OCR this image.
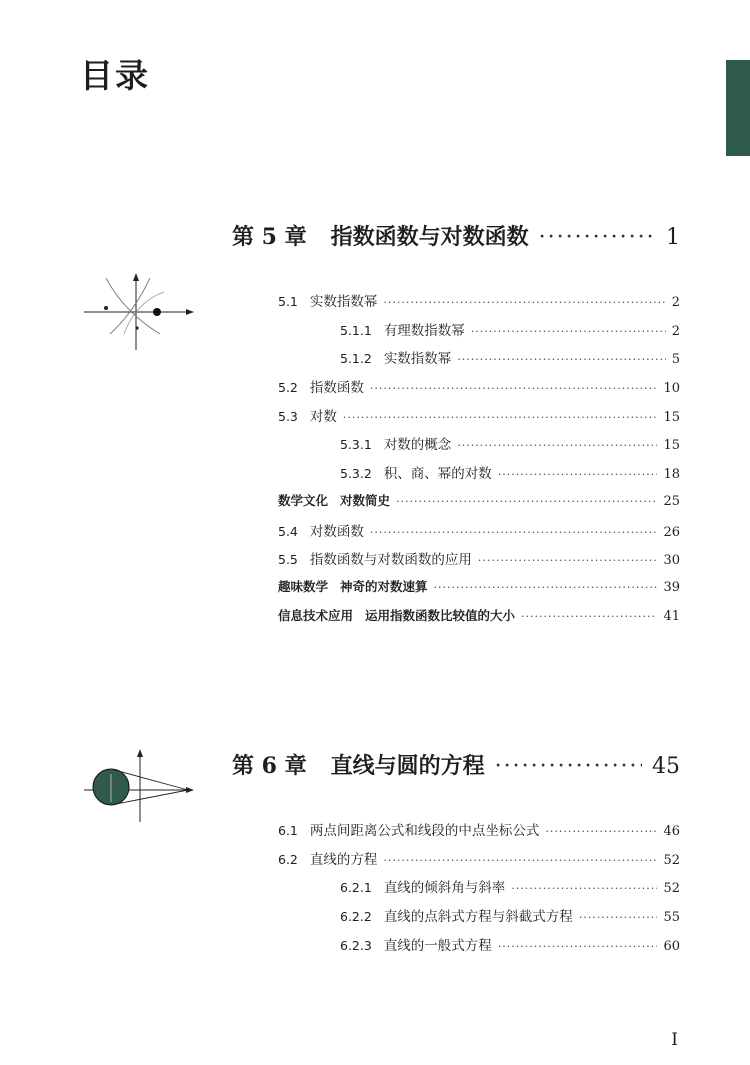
目录
第 5 章 指数函数与对数函数 ·····	1
5.1 实数指数幂 ·····	2
5.1.1 有理数指数幂 ·····	2
5.1.2 实数指数幂 ·····	5
5.2 指数函数 ·····	10
5.3 对数 ·····	15
5.3.1 对数的概念 ·····	15
5.3.2 积、商、幂的对数 ·····	18
数学文化 对数简史 ·····	25
5.4 对数函数 ·····	26
5.5 指数函数与对数函数的应用 ·····	30
趣味数学 神奇的对数速算 ·····	39
信息技术应用 运用指数函数比较值的大小 ·····	41
第 6 章 直线与圆的方程 ·····	45
6.1 两点间距离公式和线段的中点坐标公式 ·····	46
6.2 直线的方程 ·····	52
6.2.1 直线的倾斜角与斜率 ·····	52
6.2.2 直线的点斜式方程与斜截式方程 ·····	55
6.2.3 直线的一般式方程 ·····	60
I
